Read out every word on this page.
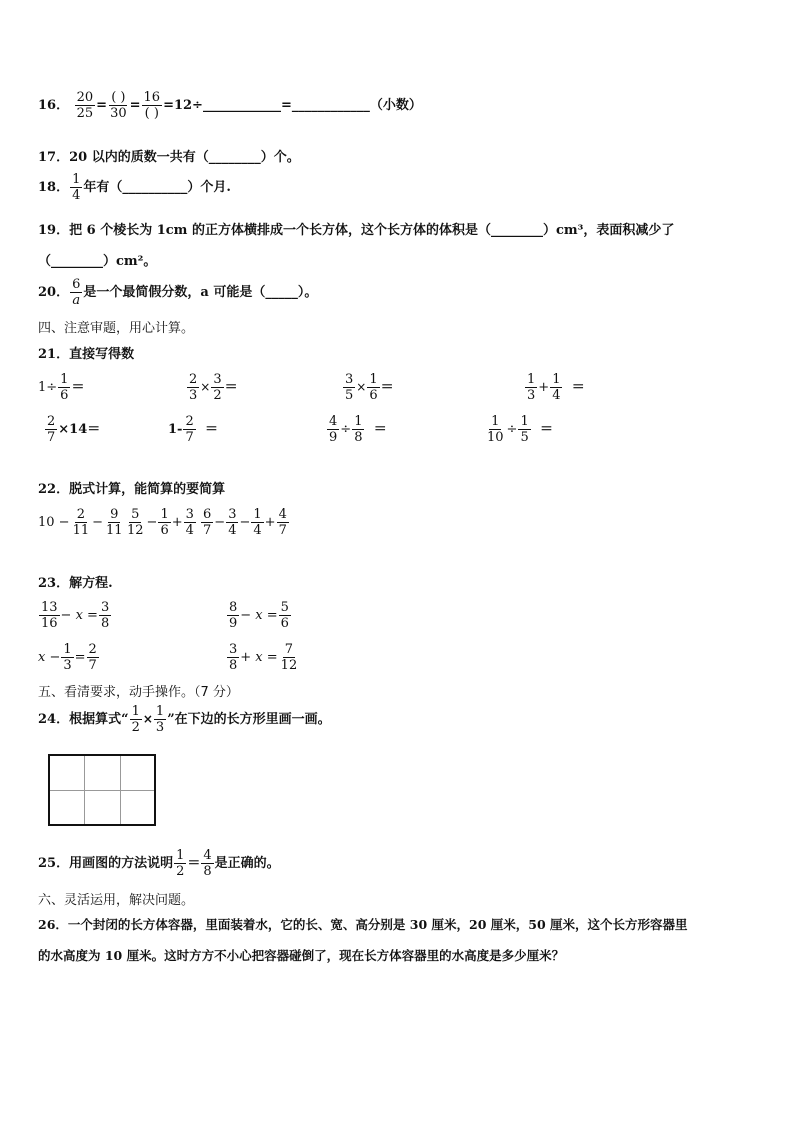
16． $\frac{20}{25} = \frac{( )}{30} = \frac{16}{( )}$ =12÷____________=____________（小数）
17．20 以内的质数一共有（________）个。
18． $\frac{1}{4}$ 年有（__________）个月.
19．把 6 个棱长为 1cm 的正方体横排成一个长方体，这个长方体的体积是（________）cm³，表面积减少了
（________）cm²。
20． $\frac{6}{a}$ 是一个最简假分数，a 可能是（_____）。
四、注意审题，用心计算。
21．直接写得数
$1\div \frac{1}{6}$ ＝	$\frac{2}{3} \times \frac{3}{2}$ ＝	$\frac{3}{5} \times \frac{1}{6}$ ＝	$\frac{1}{3} + \frac{1}{4}$ ＝
$\frac{2}{7} \times 14=$	$1- \frac{2}{7}$ ＝	$\frac{4}{9} \div \frac{1}{8}$ ＝	$\frac{1}{10} \div \frac{1}{5}$ ＝
22．脱式计算，能简算的要简算
$10 - \frac{2}{11} - \frac{9}{11} \frac{5}{12} - \frac{1}{6} + \frac{3}{4} \frac{6}{7} - \frac{3}{4} - \frac{1}{4} + \frac{4}{7}$
23．解方程.
$\frac{13}{16} - x = \frac{3}{8}$	$\frac{8}{9} - x = \frac{5}{6}$
$x - \frac{1}{3} = \frac{2}{7}$	$\frac{3}{8} + x = \frac{7}{12}$
五、看清要求，动手操作。（7 分）
24．根据算式“ $\frac{1}{2} \times \frac{1}{3}$ ”在下边的长方形里画一画。
25．用画图的方法说明 $\frac{1}{2} = \frac{4}{8}$ 是正确的。
六、灵活运用，解决问题。
26．一个封闭的长方体容器，里面装着水，它的长、宽、高分别是 30 厘米，20 厘米，50 厘米，这个长方形容器里
的水高度为 10 厘米。这时方方不小心把容器碰倒了，现在长方体容器里的水高度是多少厘米？
